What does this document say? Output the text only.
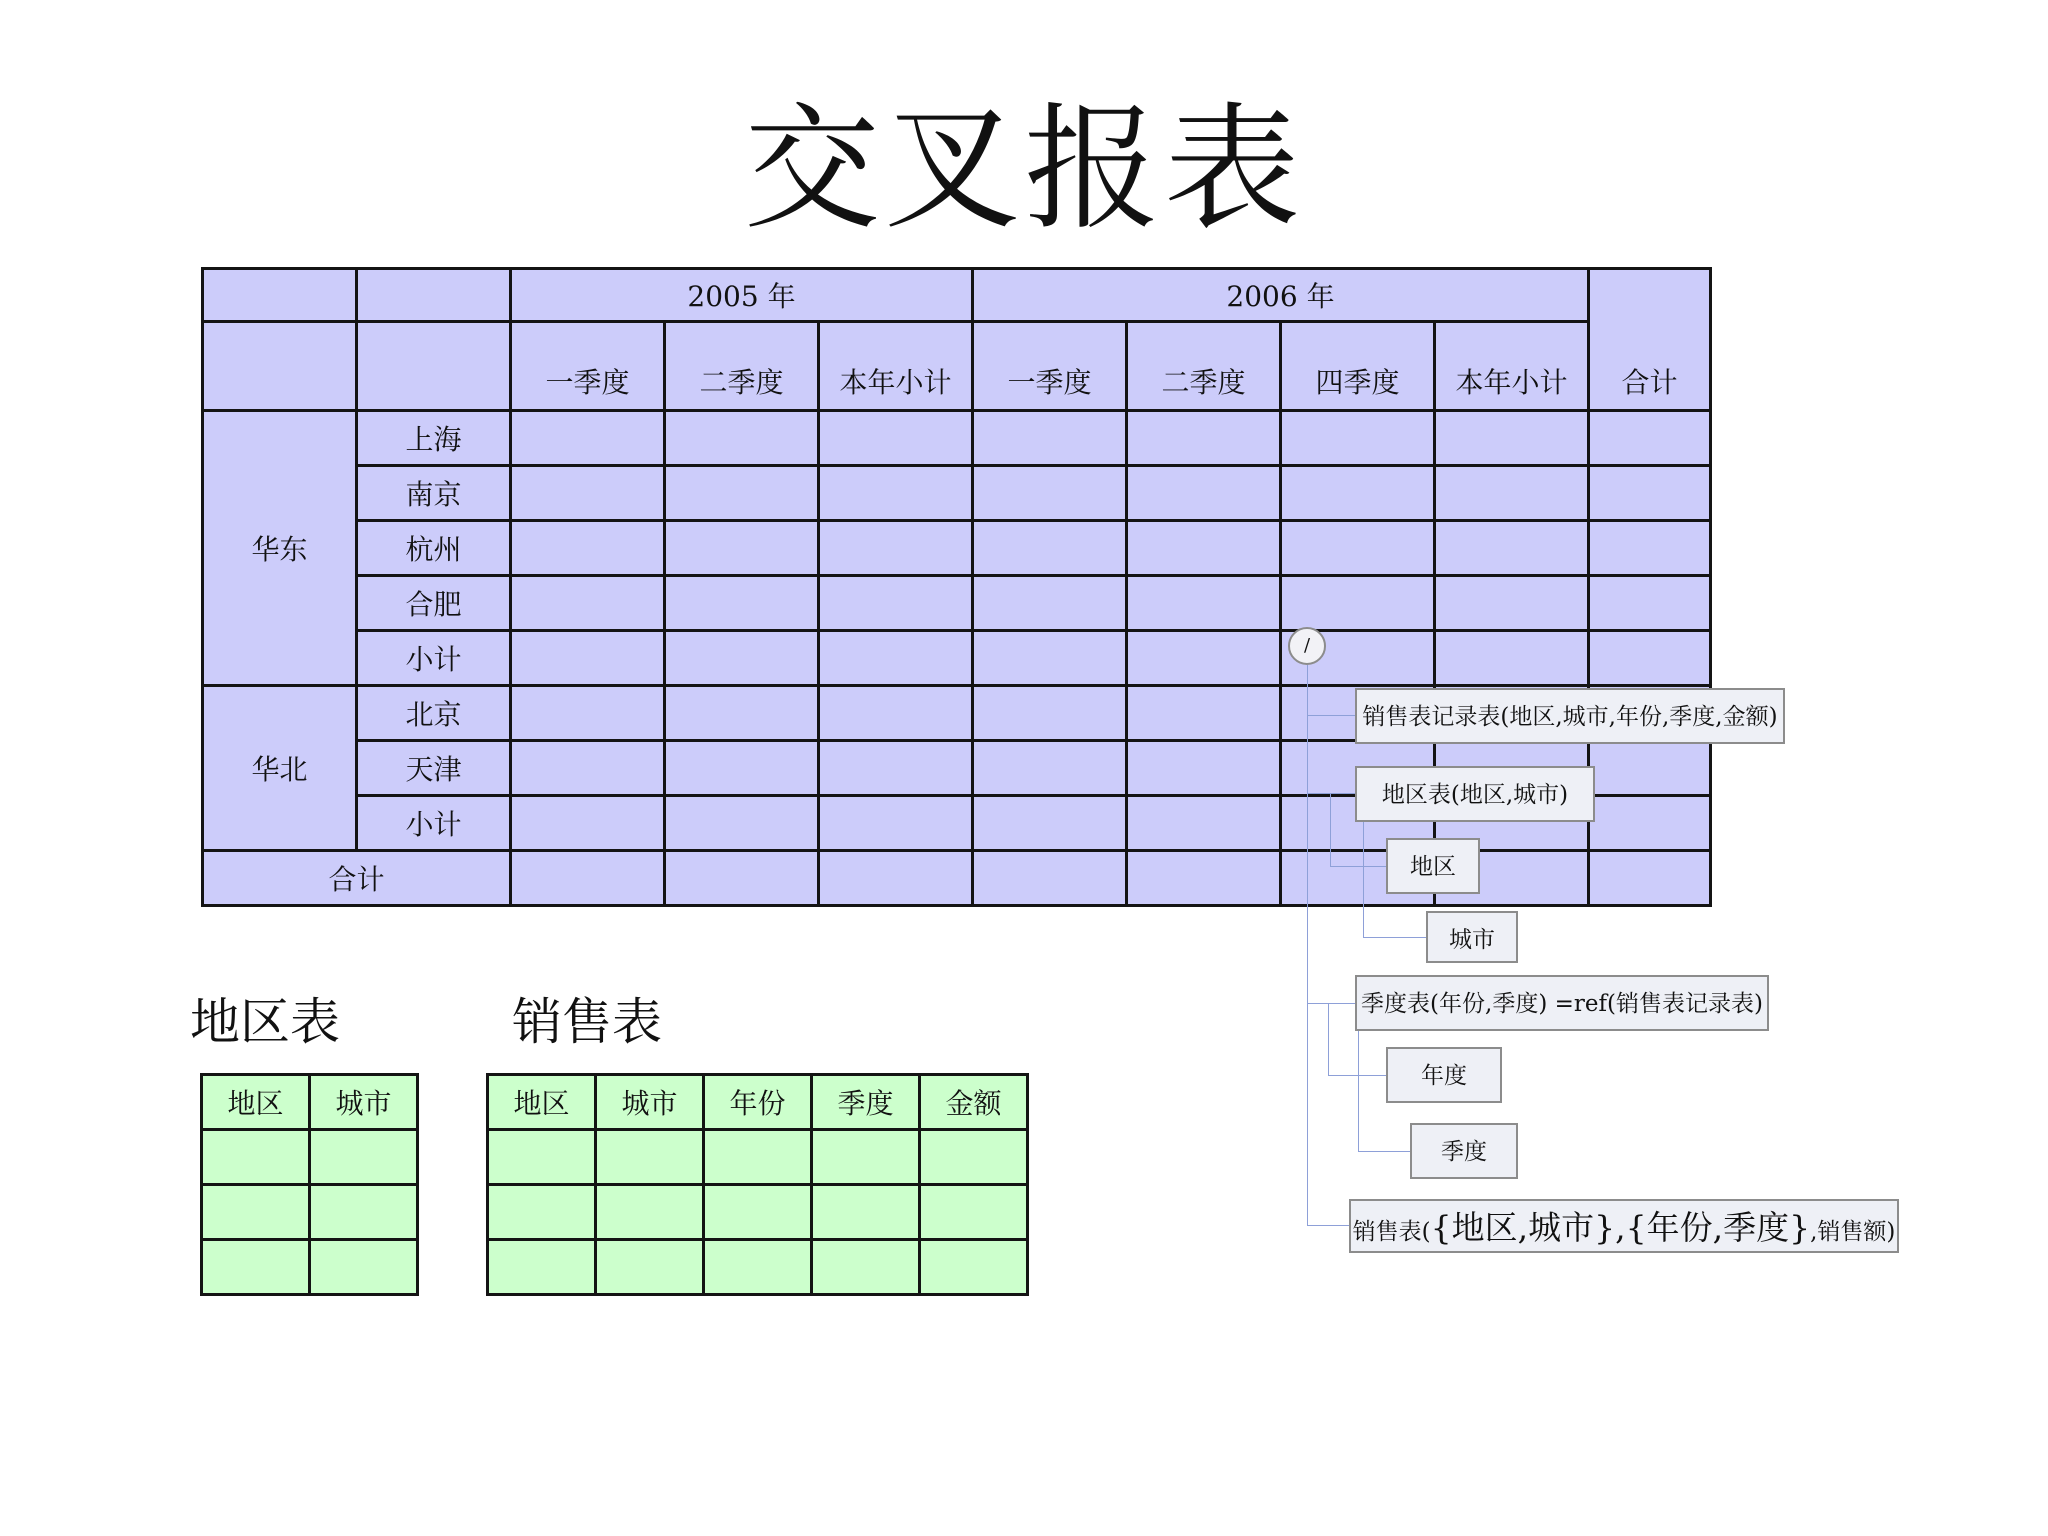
交叉报表
		2005 年			2006 年				合计
		一季度	二季度	本年小计	一季度	二季度	四季度	本年小计	
华东	上海								
	南京								
	杭州								
	合肥								
	小计								
华北	北京								
	天津								
	小计								
合计									
地区表
地区	城市

销售表
地区	城市	年份	季度	金额

/
销售表记录表(地区,城市,年份,季度,金额)
地区表(地区,城市)
地区
城市
季度表(年份,季度) =ref(销售表记录表)
年度
季度
销售表({地区,城市},{年份,季度},销售额)
